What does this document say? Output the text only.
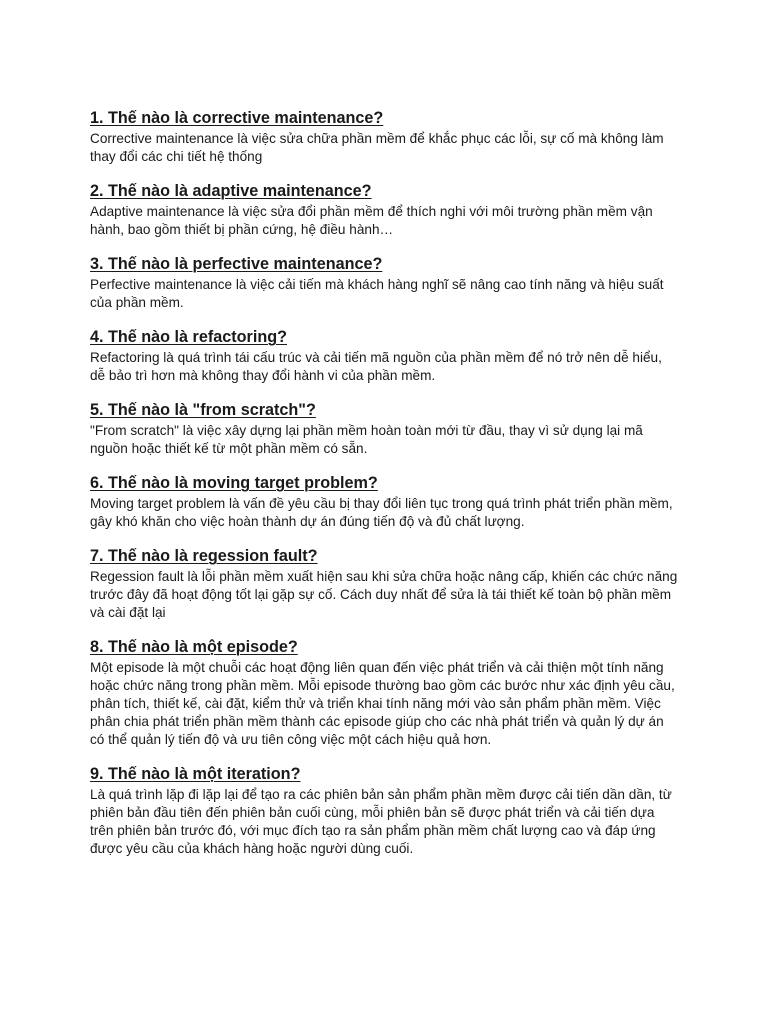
1. Thế nào là corrective maintenance?

Corrective maintenance là việc sửa chữa phần mềm để khắc phục các lỗi, sự cố mà không làm thay đổi các chi tiết hệ thống

2. Thế nào là adaptive maintenance?

Adaptive maintenance là việc sửa đổi phần mềm để thích nghi với môi trường phần mềm vận hành, bao gồm thiết bị phần cứng, hệ điều hành…

3. Thế nào là perfective maintenance?

Perfective maintenance là việc cải tiến mà khách hàng nghĩ sẽ nâng cao tính năng và hiệu suất của phần mềm.

4. Thế nào là refactoring?

Refactoring là quá trình tái cấu trúc và cải tiến mã nguồn của phần mềm để nó trở nên dễ hiểu, dễ bảo trì hơn mà không thay đổi hành vi của phần mềm.

5. Thế nào là "from scratch"?

"From scratch" là việc xây dựng lại phần mềm hoàn toàn mới từ đầu, thay vì sử dụng lại mã nguồn hoặc thiết kế từ một phần mềm có sẵn.

6. Thế nào là moving target problem?

Moving target problem là vấn đề yêu cầu bị thay đổi liên tục trong quá trình phát triển phần mềm, gây khó khăn cho việc hoàn thành dự án đúng tiến độ và đủ chất lượng.

7. Thế nào là regession fault?

Regession fault là lỗi phần mềm xuất hiện sau khi sửa chữa hoặc nâng cấp, khiến các chức năng trước đây đã hoạt động tốt lại gặp sự cố. Cách duy nhất để sửa là tái thiết kế toàn bộ phần mềm và cài đặt lại

8. Thế nào là một episode?

Một episode là một chuỗi các hoạt động liên quan đến việc phát triển và cải thiện một tính năng hoặc chức năng trong phần mềm. Mỗi episode thường bao gồm các bước như xác định yêu cầu, phân tích, thiết kế, cài đặt, kiểm thử và triển khai tính năng mới vào sản phẩm phần mềm. Việc phân chia phát triển phần mềm thành các episode giúp cho các nhà phát triển và quản lý dự án có thể quản lý tiến độ và ưu tiên công việc một cách hiệu quả hơn.

9. Thế nào là một iteration?

Là quá trình lặp đi lặp lại để tạo ra các phiên bản sản phẩm phần mềm được cải tiến dần dần, từ phiên bản đầu tiên đến phiên bản cuối cùng, mỗi phiên bản sẽ được phát triển và cải tiến dựa trên phiên bản trước đó, với mục đích tạo ra sản phẩm phần mềm chất lượng cao và đáp ứng được yêu cầu của khách hàng hoặc người dùng cuối.
